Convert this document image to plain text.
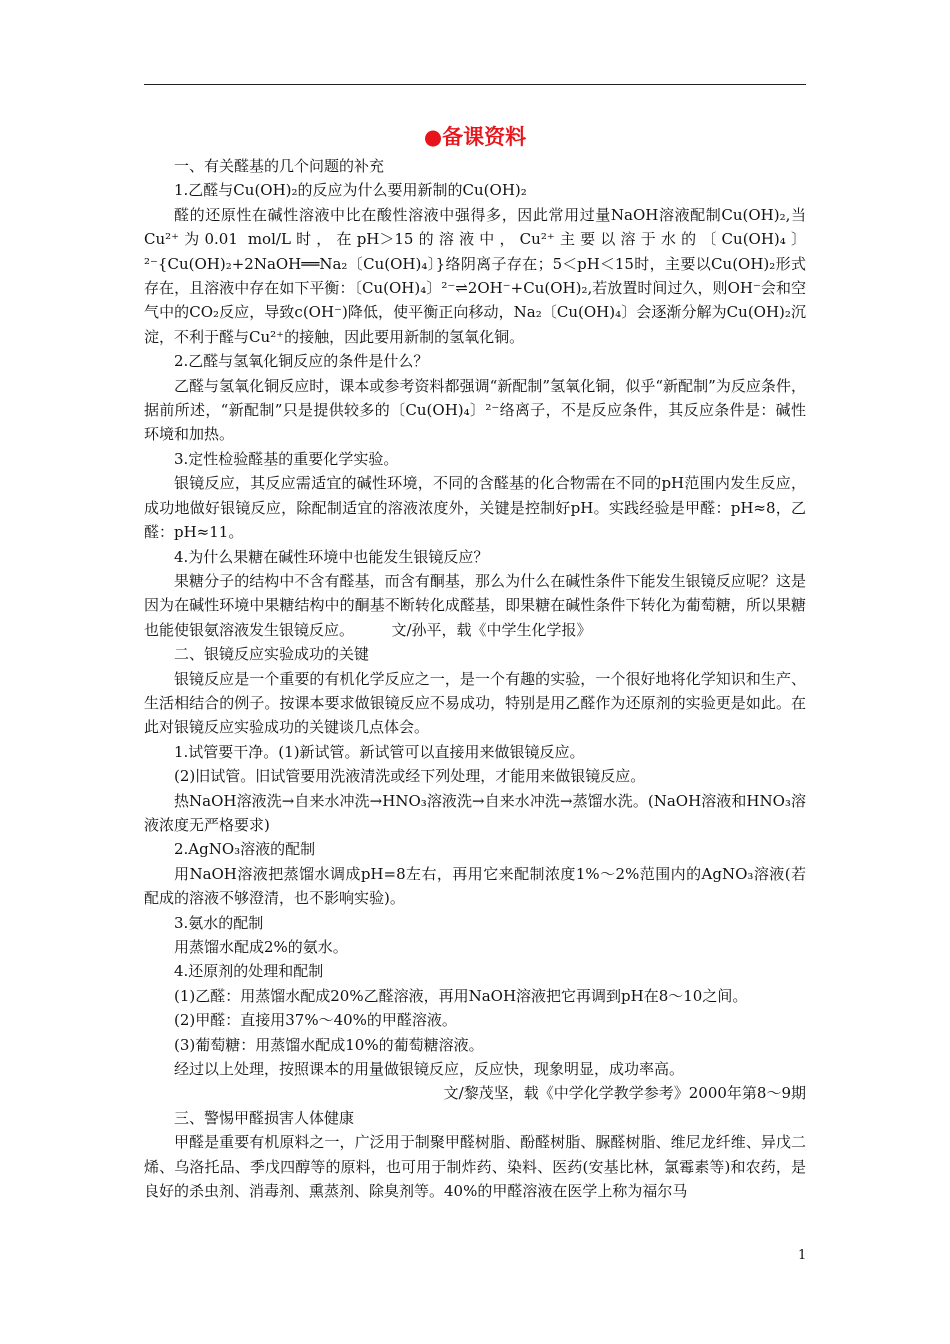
●备课资料

一、有关醛基的几个问题的补充

1.乙醛与Cu(OH)₂的反应为什么要用新制的Cu(OH)₂

醛的还原性在碱性溶液中比在酸性溶液中强得多，因此常用过量NaOH溶液配制Cu(OH)₂,当Cu²⁺为0.01 mol/L时，在pH＞15的溶液中，Cu²⁺主要以溶于水的〔Cu(OH)₄〕²⁻{Cu(OH)₂+2NaOH══Na₂〔Cu(OH)₄〕}络阴离子存在；5＜pH＜15时，主要以Cu(OH)₂形式存在，且溶液中存在如下平衡：〔Cu(OH)₄〕²⁻⇌2OH⁻+Cu(OH)₂,若放置时间过久，则OH⁻会和空气中的CO₂反应，导致c(OH⁻)降低，使平衡正向移动，Na₂〔Cu(OH)₄〕会逐渐分解为Cu(OH)₂沉淀，不利于醛与Cu²⁺的接触，因此要用新制的氢氧化铜。

2.乙醛与氢氧化铜反应的条件是什么？

乙醛与氢氧化铜反应时，课本或参考资料都强调“新配制”氢氧化铜，似乎“新配制”为反应条件，据前所述，“新配制”只是提供较多的〔Cu(OH)₄〕²⁻络离子，不是反应条件，其反应条件是：碱性环境和加热。

3.定性检验醛基的重要化学实验。

银镜反应，其反应需适宜的碱性环境，不同的含醛基的化合物需在不同的pH范围内发生反应，成功地做好银镜反应，除配制适宜的溶液浓度外，关键是控制好pH。实践经验是甲醛：pH≈8，乙醛：pH≈11。

4.为什么果糖在碱性环境中也能发生银镜反应？

果糖分子的结构中不含有醛基，而含有酮基，那么为什么在碱性条件下能发生银镜反应呢？这是因为在碱性环境中果糖结构中的酮基不断转化成醛基，即果糖在碱性条件下转化为葡萄糖，所以果糖也能使银氨溶液发生银镜反应。　　　文/孙平，载《中学生化学报》

二、银镜反应实验成功的关键

银镜反应是一个重要的有机化学反应之一，是一个有趣的实验，一个很好地将化学知识和生产、生活相结合的例子。按课本要求做银镜反应不易成功，特别是用乙醛作为还原剂的实验更是如此。在此对银镜反应实验成功的关键谈几点体会。

1.试管要干净。(1)新试管。新试管可以直接用来做银镜反应。

(2)旧试管。旧试管要用洗液清洗或经下列处理，才能用来做银镜反应。

热NaOH溶液洗→自来水冲洗→HNO₃溶液洗→自来水冲洗→蒸馏水洗。(NaOH溶液和HNO₃溶液浓度无严格要求)

2.AgNO₃溶液的配制

用NaOH溶液把蒸馏水调成pH=8左右，再用它来配制浓度1%～2%范围内的AgNO₃溶液(若配成的溶液不够澄清，也不影响实验)。

3.氨水的配制

用蒸馏水配成2%的氨水。

4.还原剂的处理和配制

(1)乙醛：用蒸馏水配成20%乙醛溶液，再用NaOH溶液把它再调到pH在8～10之间。

(2)甲醛：直接用37%～40%的甲醛溶液。

(3)葡萄糖：用蒸馏水配成10%的葡萄糖溶液。

经过以上处理，按照课本的用量做银镜反应，反应快，现象明显，成功率高。

文/黎茂坚，载《中学化学教学参考》2000年第8～9期

三、警惕甲醛损害人体健康

甲醛是重要有机原料之一，广泛用于制聚甲醛树脂、酚醛树脂、脲醛树脂、维尼龙纤维、异戊二烯、乌洛托品、季戊四醇等的原料，也可用于制炸药、染料、医药(安基比林，氯霉素等)和农药，是良好的杀虫剂、消毒剂、熏蒸剂、除臭剂等。40%的甲醛溶液在医学上称为福尔马

1
